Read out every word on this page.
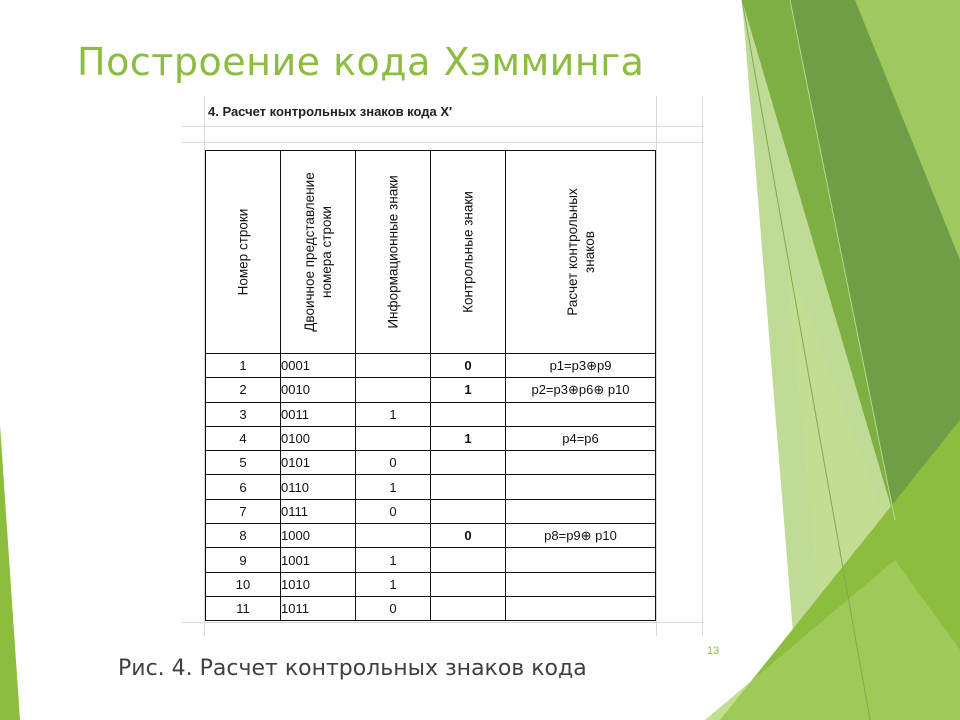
Построение кода Хэмминга
4. Расчет контрольных знаков кода X′
Номер строки	Двоичное представление номера строки	Информационные знаки	Контрольные знаки	Расчет контрольных знаков

1	0001		0	p1=p3⊕p9
2	0010		1	p2=p3⊕p6⊕ p10
3	0011	1		
4	0100		1	p4=p6
5	0101	0		
6	0110	1		
7	0111	0		
8	1000		0	p8=p9⊕ p10
9	1001	1		
10	1010	1		
11	1011	0		
Рис. 4. Расчет контрольных знаков кода
13
